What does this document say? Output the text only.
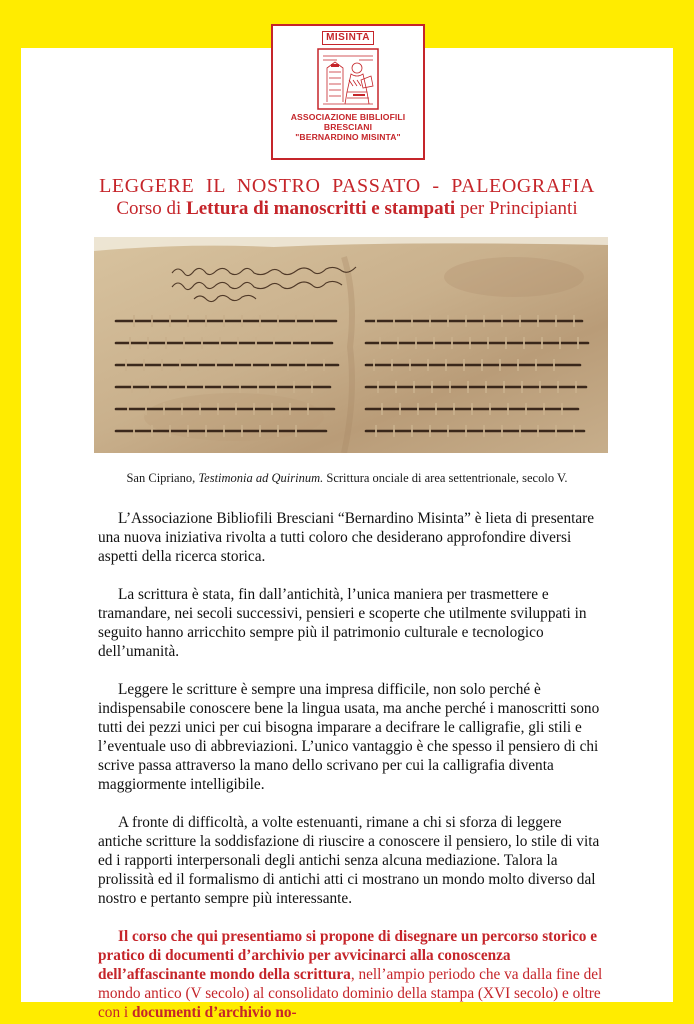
MISINTA
ASSOCIAZIONE BIBLIOFILI BRESCIANI
"BERNARDINO MISINTA"
LEGGERE IL NOSTRO PASSATO - PALEOGRAFIA
Corso di Lettura di manoscritti e stampati per Principianti
San Cipriano, Testimonia ad Quirinum. Scrittura onciale di area settentrionale, secolo V.

L’Associazione Bibliofili Bresciani “Bernardino Misinta” è lieta di presentare una nuova iniziativa rivolta a tutti coloro che desiderano approfondire diversi aspetti della ricerca storica.

La scrittura è stata, fin dall’antichità, l’unica maniera per trasmettere e tramandare, nei secoli successivi, pensieri e scoperte che utilmente sviluppati in seguito hanno arricchito sempre più il patrimonio culturale e tecnologico dell’umanità.

Leggere le scritture è sempre una impresa difficile, non solo perché è indispensabile conoscere bene la lingua usata, ma anche perché i manoscritti sono tutti dei pezzi unici per cui bisogna imparare a decifrare le calligrafie, gli stili e l’eventuale uso di abbreviazioni. L’unico vantaggio è che spesso il pensiero di chi scrive passa attraverso la mano dello scrivano per cui la calligrafia diventa maggiormente intelligibile.

A fronte di difficoltà, a volte estenuanti, rimane a chi si sforza di leggere antiche scritture la soddisfazione di riuscire a conoscere il pensiero, lo stile di vita ed i rapporti interpersonali degli antichi senza alcuna mediazione. Talora la prolissità ed il formalismo di antichi atti ci mostrano un mondo molto diverso dal nostro e pertanto sempre più interessante.

Il corso che qui presentiamo si propone di disegnare un percorso storico e pratico di documenti d’archivio per avvicinarci alla conoscenza dell’affascinante mondo della scrittura, nell’ampio periodo che va dalla fine del mondo antico (V secolo) al consolidato dominio della stampa (XVI secolo) e oltre con i documenti d’archivio no-
